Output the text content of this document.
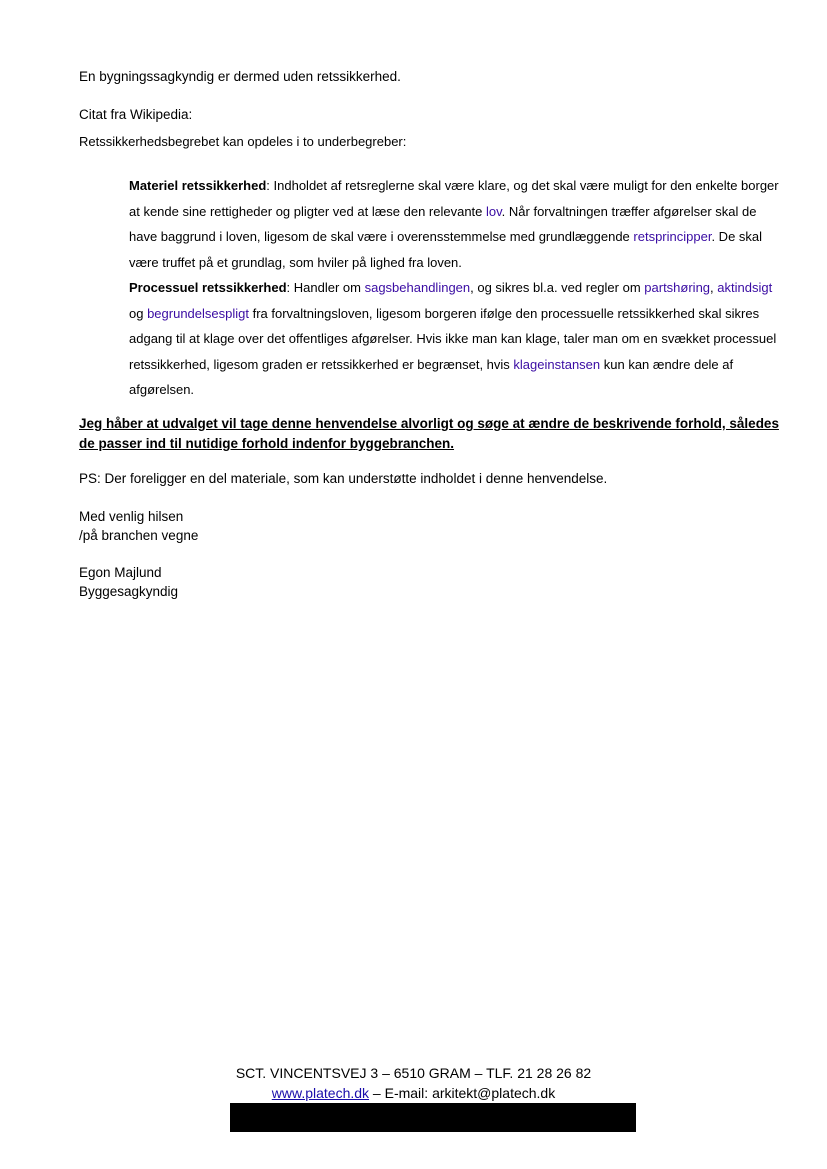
En bygningssagkyndig er dermed uden retssikkerhed.
Citat fra Wikipedia:
Retssikkerhedsbegrebet kan opdeles i to underbegreber:

Materiel retssikkerhed: Indholdet af retsreglerne skal være klare, og det skal være muligt for den enkelte borger at kende sine rettigheder og pligter ved at læse den relevante lov. Når forvaltningen træffer afgørelser skal de have baggrund i loven, ligesom de skal være i overensstemmelse med grundlæggende retsprincipper. De skal være truffet på et grundlag, som hviler på lighed fra loven.

Processuel retssikkerhed: Handler om sagsbehandlingen, og sikres bl.a. ved regler om partshøring, aktindsigt og begrundelsespligt fra forvaltningsloven, ligesom borgeren ifølge den processuelle retssikkerhed skal sikres adgang til at klage over det offentliges afgørelser. Hvis ikke man kan klage, taler man om en svækket processuel retssikkerhed, ligesom graden er retssikkerhed er begrænset, hvis klageinstansen kun kan ændre dele af afgørelsen.

Jeg håber at udvalget vil tage denne henvendelse alvorligt og søge at ændre de beskrivende forhold, således de passer ind til nutidige forhold indenfor byggebranchen.
PS: Der foreligger en del materiale, som kan understøtte indholdet i denne henvendelse.
Med venlig hilsen
/på branchen vegne
Egon Majlund
Byggesagkyndig
SCT. VINCENTSVEJ 3 – 6510 GRAM – TLF. 21 28 26 82
www.platech.dk – E-mail: arkitekt@platech.dk
